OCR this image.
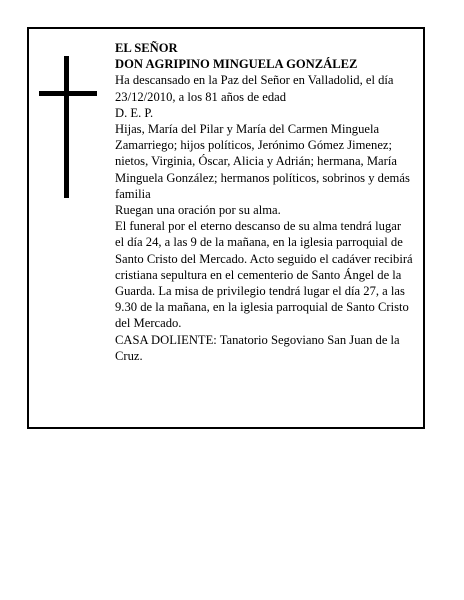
EL SEÑOR

DON AGRIPINO MINGUELA GONZÁLEZ

Ha descansado en la Paz del Señor en Valladolid, el día 23/12/2010, a los 81 años de edad

D. E. P.

Hijas, María del Pilar y María del Carmen Minguela Zamarriego; hijos políticos, Jerónimo Gómez Jimenez; nietos, Virginia, Óscar, Alicia y Adrián; hermana, María Minguela González; hermanos políticos, sobrinos y demás familia

Ruegan una oración por su alma.

El funeral por el eterno descanso de su alma tendrá lugar el día 24, a las 9 de la mañana, en la iglesia parroquial de Santo Cristo del Mercado. Acto seguido el cadáver recibirá cristiana sepultura en el cementerio de Santo Ángel de la Guarda. La misa de privilegio tendrá lugar el día 27, a las 9.30 de la mañana, en la iglesia parroquial de Santo Cristo del Mercado.

CASA DOLIENTE: Tanatorio Segoviano San Juan de la Cruz.
